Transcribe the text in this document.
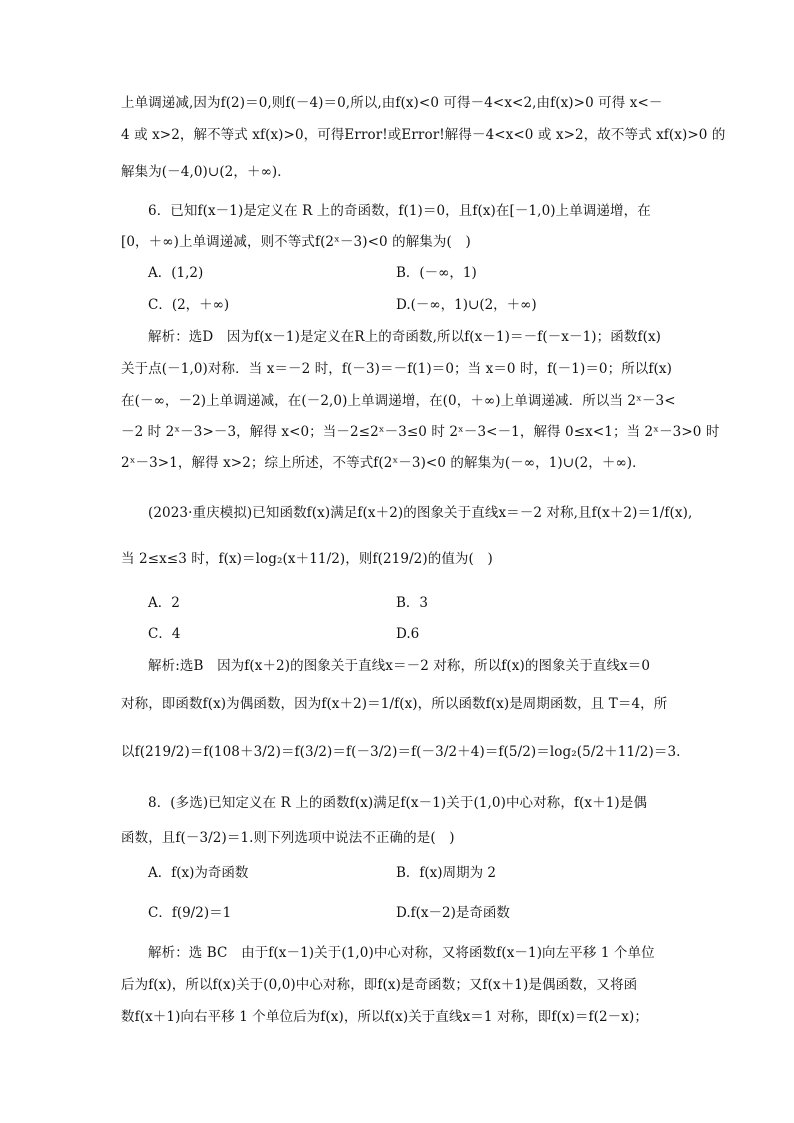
上单调递减,因为f(2)＝0,则f(－4)＝0,所以,由f(x)<0 可得－4<x<2,由f(x)>0 可得 x<－
4 或 x>2，解不等式 xf(x)>0，可得Error!或Error!解得－4<x<0 或 x>2，故不等式 xf(x)>0 的
解集为(－4,0)∪(2，＋∞)．
6．已知f(x－1)是定义在 R 上的奇函数，f(1)＝0，且f(x)在[－1,0)上单调递增，在
[0，＋∞)上单调递减，则不等式f(2ˣ－3)<0 的解集为(　)
A．(1,2)	B．(－∞，1)
C．(2，＋∞)	D.(－∞，1)∪(2，＋∞)
解析：选D　因为f(x－1)是定义在R上的奇函数,所以f(x－1)＝－f(－x－1)；函数f(x)
关于点(－1,0)对称．当 x＝－2 时，f(－3)＝－f(1)＝0；当 x＝0 时，f(－1)＝0；所以f(x)
在(－∞，－2)上单调递减，在(－2,0)上单调递增，在(0，＋∞)上单调递减．所以当 2ˣ－3<
－2 时 2ˣ－3>－3，解得 x<0；当－2≤2ˣ－3≤0 时 2ˣ－3<－1，解得 0≤x<1；当 2ˣ－3>0 时
2ˣ－3>1，解得 x>2；综上所述，不等式f(2ˣ－3)<0 的解集为(－∞，1)∪(2，＋∞)．
(2023·重庆模拟)已知函数f(x)满足f(x＋2)的图象关于直线x＝－2 对称,且f(x＋2)＝1/f(x),
当 2≤x≤3 时，f(x)＝log₂(x＋11/2)，则f(219/2)的值为(　)
A．2	B．3
C．4	D.6
解析:选B　因为f(x＋2)的图象关于直线x＝－2 对称，所以f(x)的图象关于直线x＝0
对称，即函数f(x)为偶函数，因为f(x＋2)＝1/f(x)，所以函数f(x)是周期函数，且 T＝4，所
以f(219/2)＝f(108＋3/2)＝f(3/2)＝f(－3/2)＝f(－3/2＋4)＝f(5/2)＝log₂(5/2＋11/2)＝3.
8．(多选)已知定义在 R 上的函数f(x)满足f(x－1)关于(1,0)中心对称，f(x＋1)是偶
函数，且f(－3/2)＝1.则下列选项中说法不正确的是(　)
A．f(x)为奇函数	B．f(x)周期为 2
C．f(9/2)＝1	D.f(x－2)是奇函数
解析：选 BC　由于f(x－1)关于(1,0)中心对称，又将函数f(x－1)向左平移 1 个单位
后为f(x)，所以f(x)关于(0,0)中心对称，即f(x)是奇函数；又f(x＋1)是偶函数，又将函
数f(x＋1)向右平移 1 个单位后为f(x)，所以f(x)关于直线x＝1 对称，即f(x)＝f(2－x)；
